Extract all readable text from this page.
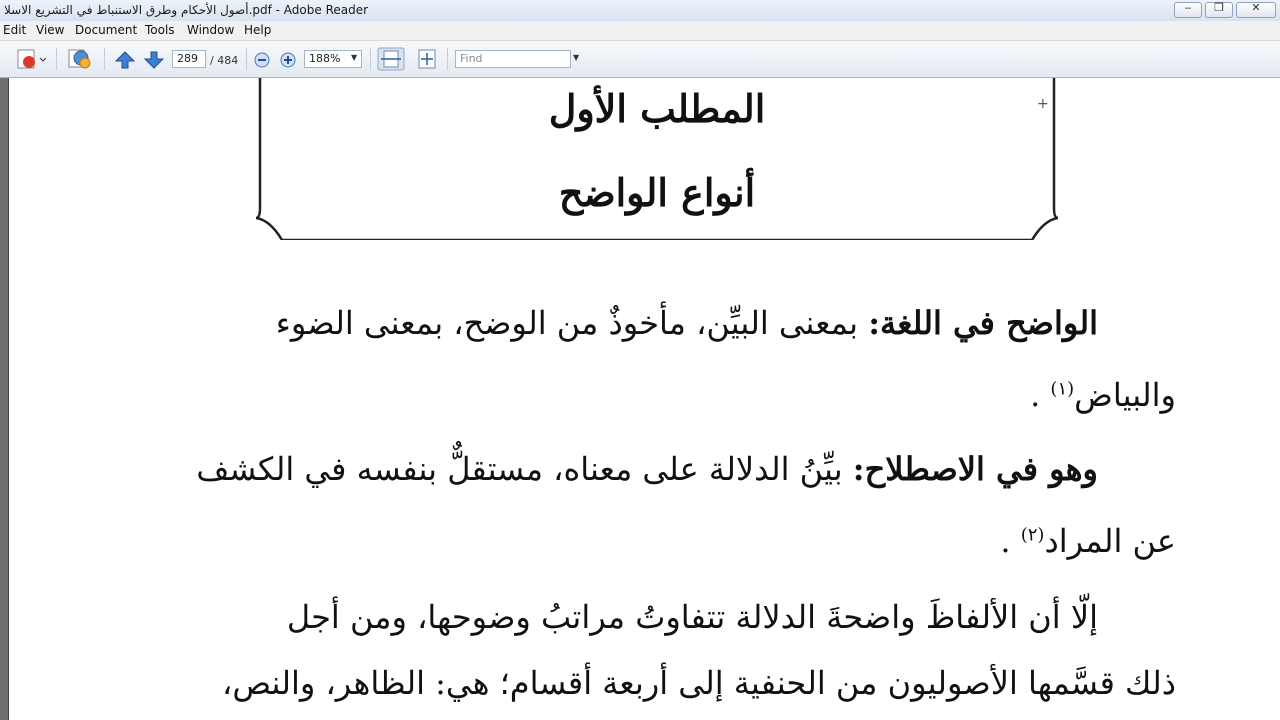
أصول الأحكام وطرق الاستنباط في التشريع الاسلا.pdf - Adobe Reader	‒	❐	✕
Edit View Document Tools Window Help
289	/ 484	188%	▼	Find	▼
المطلب الأول
أنواع الواضح
+
الواضح في اللغة: بمعنى البيِّن، مأخوذٌ من الوضح، بمعنى الضوء
والبياض$^{(١)}$ .
وهو في الاصطلاح: بيِّنُ الدلالة على معناه، مستقلٌّ بنفسه في الكشف
عن المراد$^{(٢)}$ .
إلّا أن الألفاظَ واضحةَ الدلالة تتفاوتُ مراتبُ وضوحها، ومن أجل
ذلك قسَّمها الأصوليون من الحنفية إلى أربعة أقسام؛ هي: الظاهر، والنص،
